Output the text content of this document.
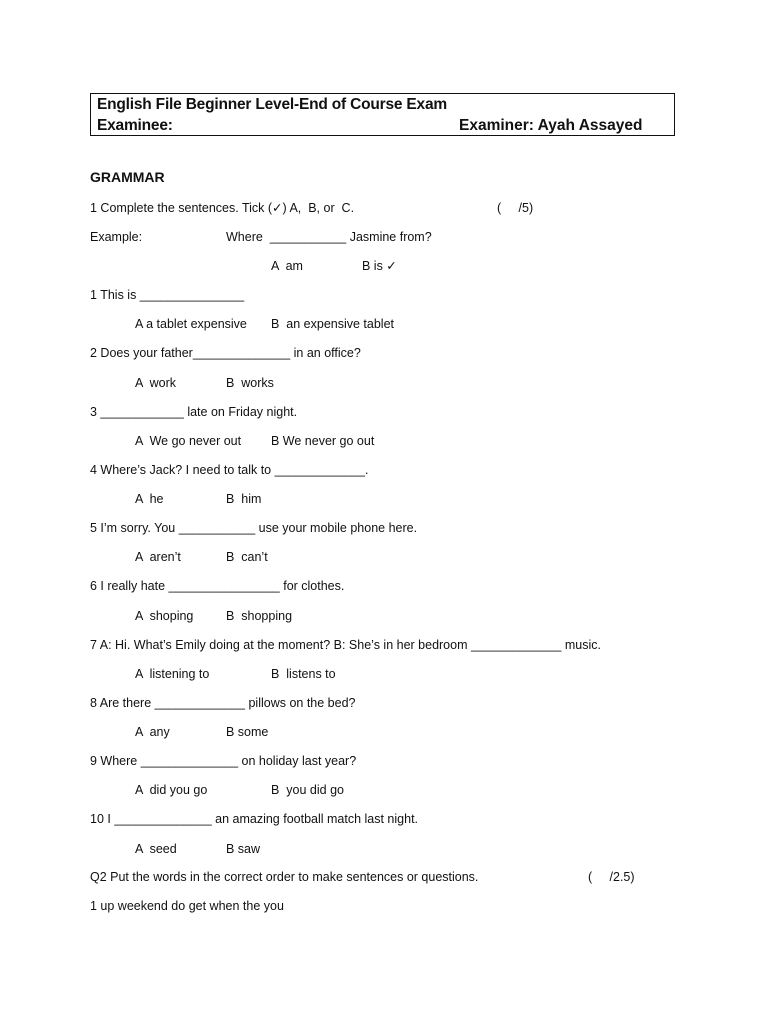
English File Beginner Level-End of Course Exam
Examinee:	Examiner: Ayah Assayed
GRAMMAR
1 Complete the sentences. Tick (✓) A,  B, or  C.	(     /5)
Example:	Where  ___________ Jasmine from?
A  am	B is ✓
1 This is _______________
A a tablet expensive B  an expensive tablet
2 Does your father______________ in an office?
A  work	B  works
3 ____________ late on Friday night.
A  We go never out B We never go out
4 Where’s Jack? I need to talk to _____________.
A  he	B  him
5 I’m sorry. You ___________ use your mobile phone here.
A  aren’t	B  can’t
6 I really hate ________________ for clothes.
A  shoping	B  shopping
7 A: Hi. What’s Emily doing at the moment? B: She’s in her bedroom _____________ music.
A  listening to	B  listens to
8 Are there _____________ pillows on the bed?
A  any	B some
9 Where ______________ on holiday last year?
A  did you go	B  you did go
10 I ______________ an amazing football match last night.
A  seed	B saw
Q2 Put the words in the correct order to make sentences or questions.	(     /2.5)
1 up weekend do get when the you
